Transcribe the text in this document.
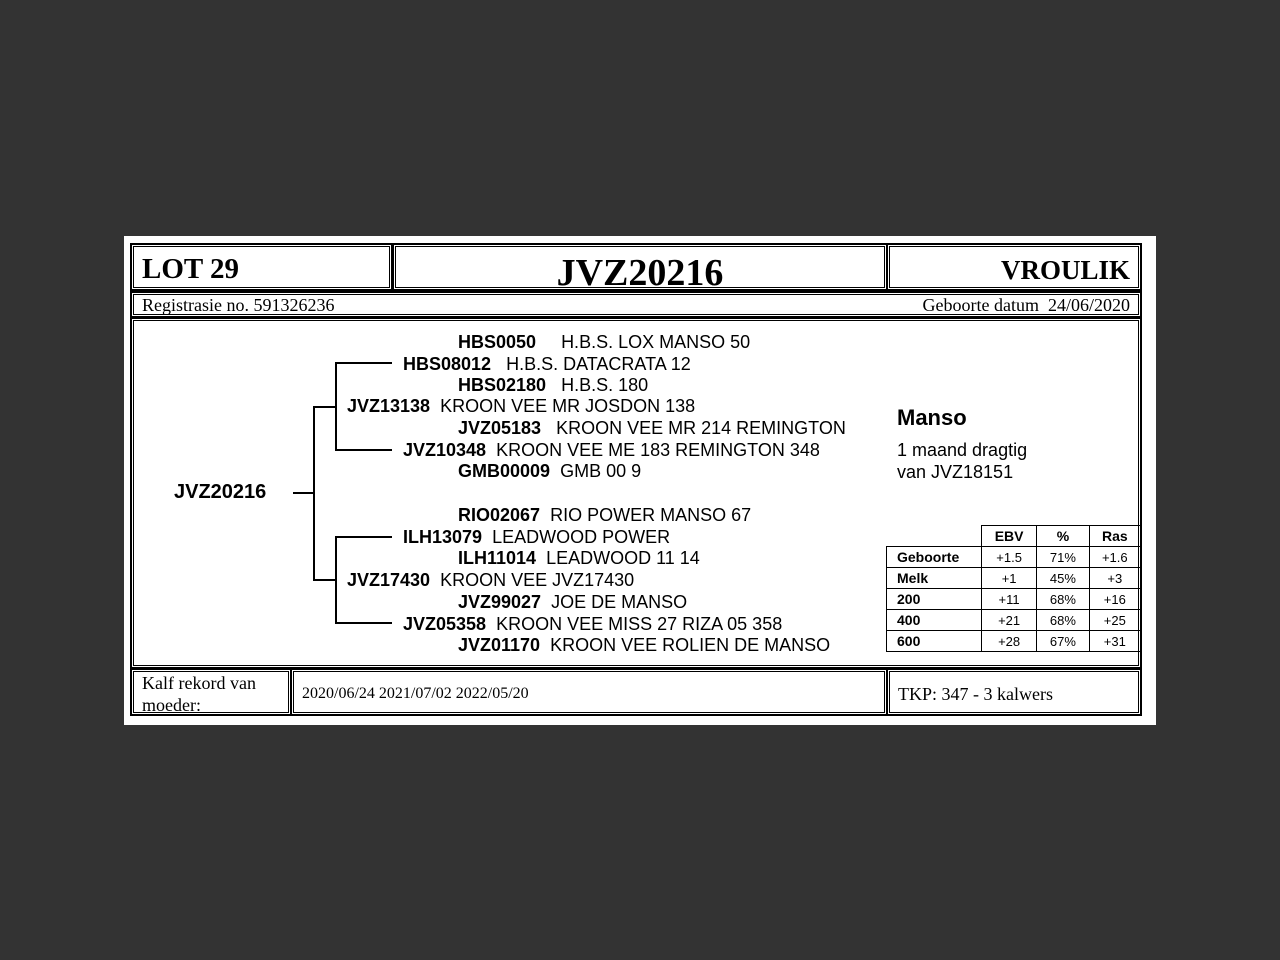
LOT 29	JVZ20216	VROULIK
Registrasie no. 591326236	Geboorte datum 24/06/2020
JVZ20216
HBS0050 H.B.S. LOX MANSO 50
HBS08012 H.B.S. DATACRATA 12
HBS02180 H.B.S. 180
JVZ13138 KROON VEE MR JOSDON 138
JVZ05183 KROON VEE MR 214 REMINGTON
JVZ10348 KROON VEE ME 183 REMINGTON 348
GMB00009 GMB 00 9
RIO02067 RIO POWER MANSO 67
ILH13079 LEADWOOD POWER
ILH11014 LEADWOOD 11 14
JVZ17430 KROON VEE JVZ17430
JVZ99027 JOE DE MANSO
JVZ05358 KROON VEE MISS 27 RIZA 05 358
JVZ01170 KROON VEE ROLIEN DE MANSO
Manso
1 maand dragtig
van JVZ18151
	EBV	%	Ras
Geboorte	+1.5	71%	+1.6
Melk	+1	45%	+3
200	+11	68%	+16
400	+21	68%	+25
600	+28	67%	+31
Kalf rekord van moeder:
2020/06/24 2021/07/02 2022/05/20	TKP: 347 - 3 kalwers
